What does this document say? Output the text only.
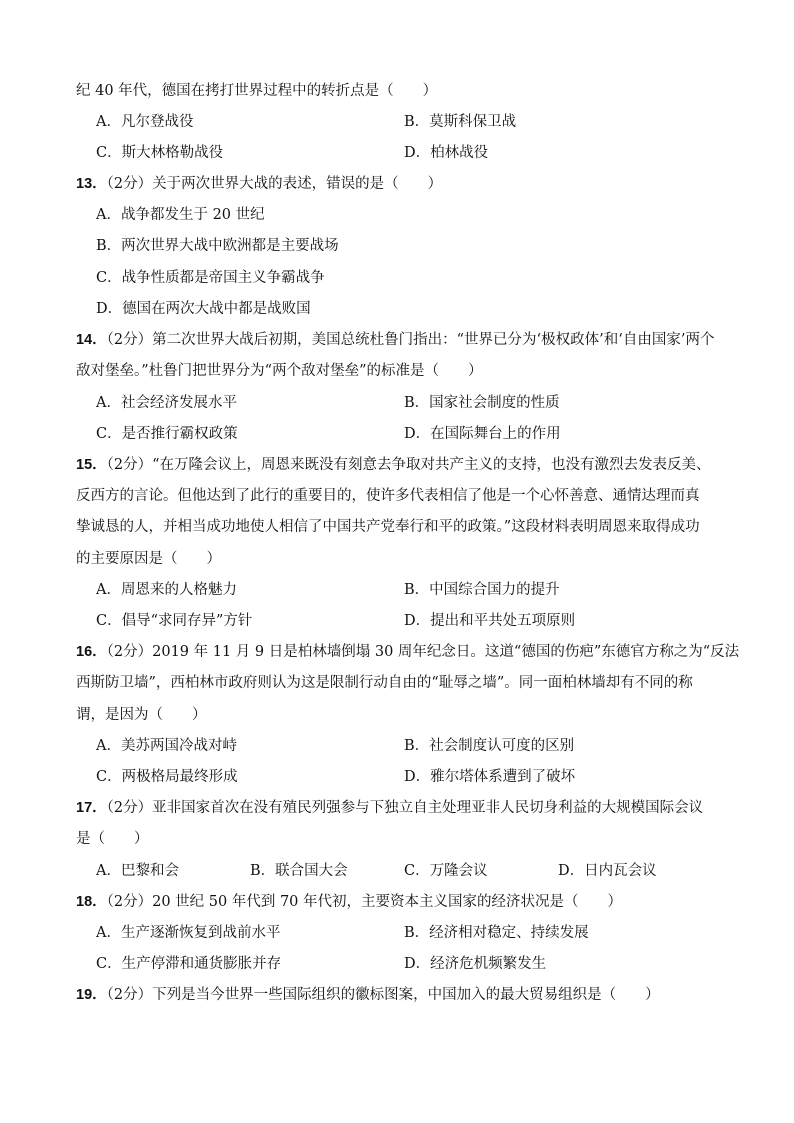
纪 40 年代，德国在拷打世界过程中的转折点是（　　）
A．凡尔登战役	B．莫斯科保卫战
C．斯大林格勒战役	D．柏林战役
13．（2分）关于两次世界大战的表述，错误的是（　　）
A．战争都发生于 20 世纪
B．两次世界大战中欧洲都是主要战场
C．战争性质都是帝国主义争霸战争
D．德国在两次大战中都是战败国
14．（2分）第二次世界大战后初期，美国总统杜鲁门指出：“世界已分为‘极权政体’和‘自由国家’两个
敌对堡垒。”杜鲁门把世界分为“两个敌对堡垒”的标准是（　　）
A．社会经济发展水平	B．国家社会制度的性质
C．是否推行霸权政策	D．在国际舞台上的作用
15．（2分）“在万隆会议上，周恩来既没有刻意去争取对共产主义的支持，也没有激烈去发表反美、
反西方的言论。但他达到了此行的重要目的，使许多代表相信了他是一个心怀善意、通情达理而真
挚诚恳的人，并相当成功地使人相信了中国共产党奉行和平的政策。”这段材料表明周恩来取得成功
的主要原因是（　　）
A．周恩来的人格魅力	B．中国综合国力的提升
C．倡导“求同存异”方针	D．提出和平共处五项原则
16．（2分）2019 年 11 月 9 日是柏林墙倒塌 30 周年纪念日。这道“德国的伤疤”东德官方称之为“反法
西斯防卫墙”，西柏林市政府则认为这是限制行动自由的“耻辱之墙”。同一面柏林墙却有不同的称
谓，是因为（　　）
A．美苏两国冷战对峙	B．社会制度认可度的区别
C．两极格局最终形成	D．雅尔塔体系遭到了破坏
17．（2分）亚非国家首次在没有殖民列强参与下独立自主处理亚非人民切身利益的大规模国际会议
是（　　）
A．巴黎和会	B．联合国大会	C．万隆会议	D．日内瓦会议
18．（2分）20 世纪 50 年代到 70 年代初，主要资本主义国家的经济状况是（　　）
A．生产逐渐恢复到战前水平	B．经济相对稳定、持续发展
C．生产停滞和通货膨胀并存	D．经济危机频繁发生
19．（2分）下列是当今世界一些国际组织的徽标图案，中国加入的最大贸易组织是（　　）
